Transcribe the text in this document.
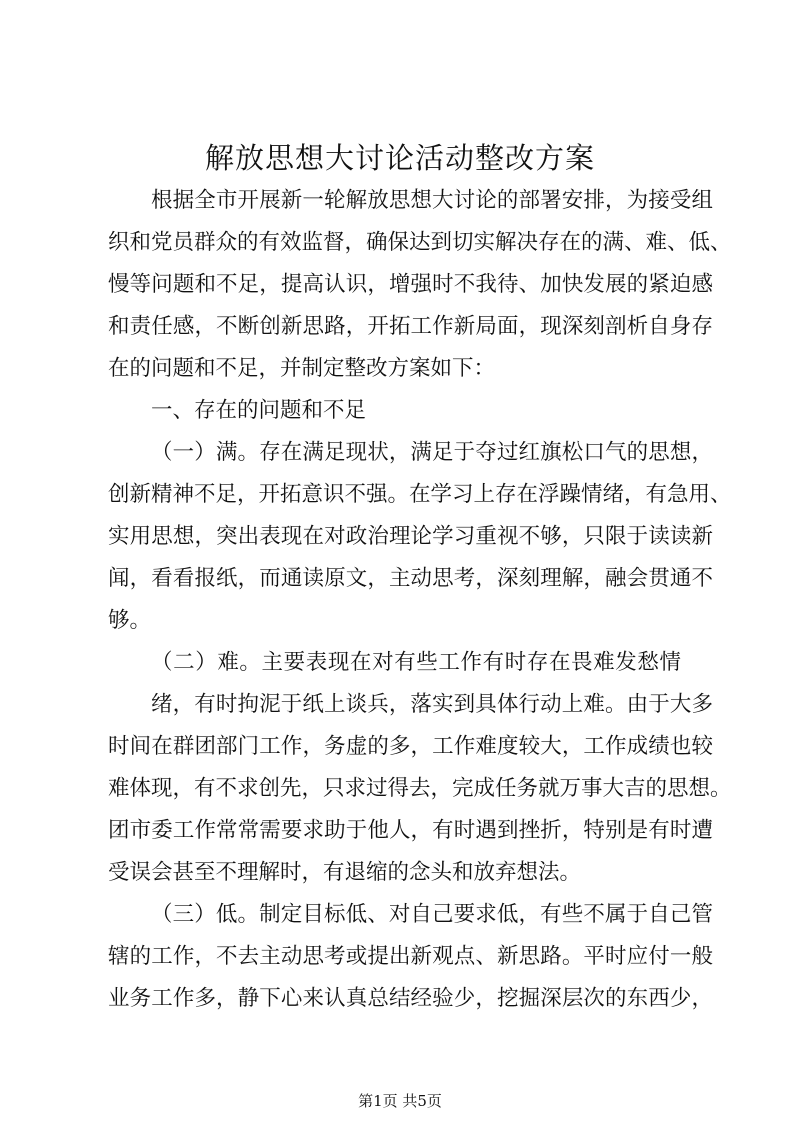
解放思想大讨论活动整改方案

根据全市开展新一轮解放思想大讨论的部署安排，为接受组

织和党员群众的有效监督，确保达到切实解决存在的满、难、低、

慢等问题和不足，提高认识，增强时不我待、加快发展的紧迫感

和责任感，不断创新思路，开拓工作新局面，现深刻剖析自身存

在的问题和不足，并制定整改方案如下：

一、存在的问题和不足

（一）满。存在满足现状，满足于夺过红旗松口气的思想，

创新精神不足，开拓意识不强。在学习上存在浮躁情绪，有急用、

实用思想，突出表现在对政治理论学习重视不够，只限于读读新

闻，看看报纸，而通读原文，主动思考，深刻理解，融会贯通不

够。

（二）难。主要表现在对有些工作有时存在畏难发愁情

绪，有时拘泥于纸上谈兵，落实到具体行动上难。由于大多

时间在群团部门工作，务虚的多，工作难度较大，工作成绩也较

难体现，有不求创先，只求过得去，完成任务就万事大吉的思想。

团市委工作常常需要求助于他人，有时遇到挫折，特别是有时遭

受误会甚至不理解时，有退缩的念头和放弃想法。

（三）低。制定目标低、对自己要求低，有些不属于自己管

辖的工作，不去主动思考或提出新观点、新思路。平时应付一般

业务工作多，静下心来认真总结经验少，挖掘深层次的东西少，

第1页 共5页
